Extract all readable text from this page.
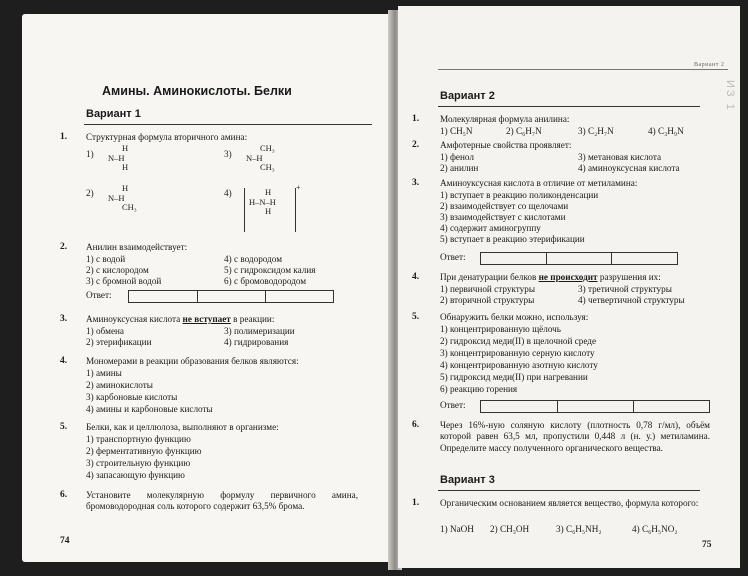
Амины. Аминокислоты. Белки
Вариант 1
1. Структурная формула вторичного амина:
1)
H
N–H
H
3)
CH₃
N–H
CH₃
2)	H
N–H
CH₃
4)	H
H–N–H
H
+
2. Анилин взаимодействует:
1) с водой
2) с кислородом
3) с бромной водой
4) с водородом
5) с гидроксидом калия
6) с бромоводородом
Ответ:
3. Аминоуксусная кислота не вступает в реакции:
1) обмена
2) этерификации
3) полимеризации
4) гидрирования
4. Мономерами в реакции образования белков являются:
1) амины
2) аминокислоты
3) карбоновые кислоты
4) амины и карбоновые кислоты
5. Белки, как и целлюлоза, выполняют в организме:
1) транспортную функцию
2) ферментативную функцию
3) строительную функцию
4) запасающую функцию
6. Установите молекулярную формулу первичного амина, бромоводородная соль которого содержит 63,5% брома.
74
Вариант 2
ИЗ 1
Вариант 2
1. Молекулярная формула анилина:
1) CH₅N	2) C₆H₇N	3) C₂H₇N	4) C₃H₉N
2. Амфотерные свойства проявляет:
1) фенол
2) анилин
3) метановая кислота
4) аминоуксусная кислота
3. Аминоуксусная кислота в отличие от метиламина:
1) вступает в реакцию поликонденсации
2) взаимодействует со щелочами
3) взаимодействует с кислотами
4) содержит аминогруппу
5) вступает в реакцию этерификации
Ответ:
4. При денатурации белков не происходит разрушения их:
1) первичной структуры
2) вторичной структуры
3) третичной структуры
4) четвертичной структуры
5. Обнаружить белки можно, используя:
1) концентрированную щёлочь
2) гидроксид меди(II) в щелочной среде
3) концентрированную серную кислоту
4) концентрированную азотную кислоту
5) гидроксид меди(II) при нагревании
6) реакцию горения
Ответ:
6. Через 16%-ную соляную кислоту (плотность 0,78 г/мл), объём которой равен 63,5 мл, пропустили 0,448 л (н. у.) метиламина. Определите массу полученного органического вещества.
Вариант 3
1. Органическим основанием является вещество, формула которого:
1) NaOH 2) CH₃OH	3) C₆H₅NH₂	4) C₆H₅NO₂
75
